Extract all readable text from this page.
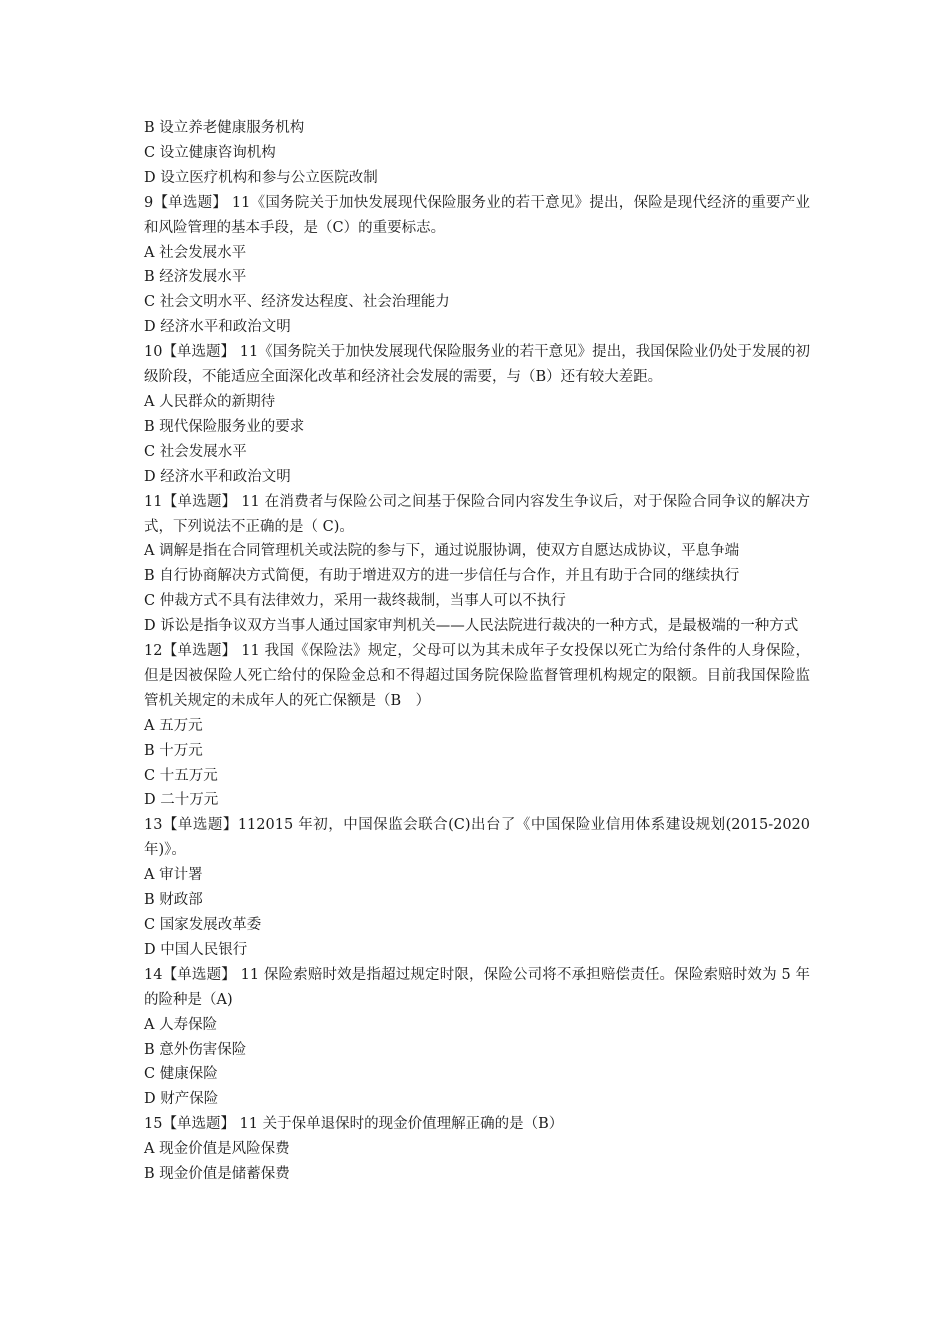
B 设立养老健康服务机构

C 设立健康咨询机构

D 设立医疗机构和参与公立医院改制

9【单选题】 11《国务院关于加快发展现代保险服务业的若干意见》提出，保险是现代经济的重要产业和风险管理的基本手段，是（C）的重要标志。

A 社会发展水平

B 经济发展水平

C 社会文明水平、经济发达程度、社会治理能力

D 经济水平和政治文明

10【单选题】 11《国务院关于加快发展现代保险服务业的若干意见》提出，我国保险业仍处于发展的初级阶段，不能适应全面深化改革和经济社会发展的需要，与（B）还有较大差距。

A 人民群众的新期待

B 现代保险服务业的要求

C 社会发展水平

D 经济水平和政治文明

11【单选题】 11 在消费者与保险公司之间基于保险合同内容发生争议后，对于保险合同争议的解决方式，下列说法不正确的是（ C)。

A 调解是指在合同管理机关或法院的参与下，通过说服协调，使双方自愿达成协议，平息争端

B 自行协商解决方式简便，有助于增进双方的进一步信任与合作，并且有助于合同的继续执行

C 仲裁方式不具有法律效力，采用一裁终裁制，当事人可以不执行

D 诉讼是指争议双方当事人通过国家审判机关——人民法院进行裁决的一种方式，是最极端的一种方式

12【单选题】 11 我国《保险法》规定，父母可以为其未成年子女投保以死亡为给付条件的人身保险，但是因被保险人死亡给付的保险金总和不得超过国务院保险监督管理机构规定的限额。目前我国保险监管机关规定的未成年人的死亡保额是（B　）

A 五万元

B 十万元

C 十五万元

D 二十万元

13【单选题】112015 年初，中国保监会联合(C)出台了《中国保险业信用体系建设规划(2015-2020年)》。

A 审计署

B 财政部

C 国家发展改革委

D 中国人民银行

14【单选题】 11 保险索赔时效是指超过规定时限，保险公司将不承担赔偿责任。保险索赔时效为 5 年的险种是（A)

A 人寿保险

B 意外伤害保险

C 健康保险

D 财产保险

15【单选题】 11 关于保单退保时的现金价值理解正确的是（B）

A 现金价值是风险保费

B 现金价值是储蓄保费
